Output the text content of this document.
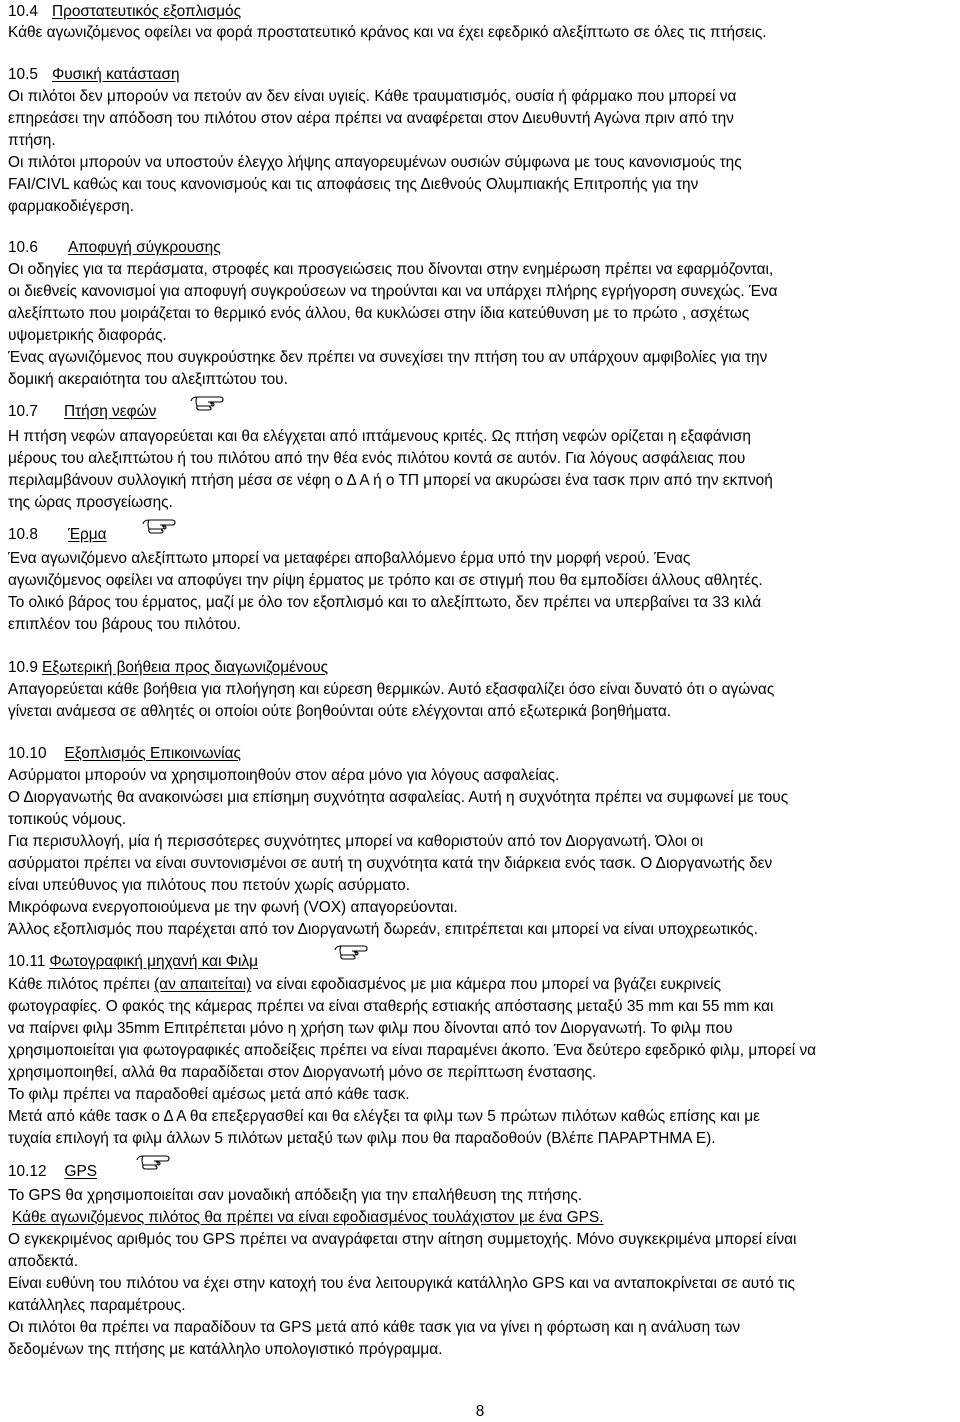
10.4 Προστατευτικός εξοπλισμός
Κάθε αγωνιζόμενος οφείλει να φορά προστατευτικό κράνος και να έχει εφεδρικό αλεξίπτωτο σε όλες τις πτήσεις.
10.5 Φυσική κατάσταση
Οι πιλότοι δεν μπορούν να πετούν αν δεν είναι υγιείς. Κάθε τραυματισμός, ουσία ή φάρμακο που μπορεί να
επηρεάσει την απόδοση του πιλότου στον αέρα πρέπει να αναφέρεται στον Διευθυντή Αγώνα πριν από την
πτήση.
Οι πιλότοι μπορούν να υποστούν έλεγχο λήψης απαγορευμένων ουσιών σύμφωνα με τους κανονισμούς της
FAI/CIVL καθώς και τους κανονισμούς και τις αποφάσεις της Διεθνούς Ολυμπιακής Επιτροπής για την
φαρμακοδιέγερση.
10.6 Αποφυγή σύγκρουσης
Οι οδηγίες για τα περάσματα, στροφές και προσγειώσεις που δίνονται στην ενημέρωση πρέπει να εφαρμόζονται,
οι διεθνείς κανονισμοί για αποφυγή συγκρούσεων να τηρούνται και να υπάρχει πλήρης εγρήγορση συνεχώς. Ένα
αλεξίπτωτο που μοιράζεται το θερμικό ενός άλλου, θα κυκλώσει στην ίδια κατεύθυνση με το πρώτο , ασχέτως
υψομετρικής διαφοράς.
Ένας αγωνιζόμενος που συγκρούστηκε δεν πρέπει να συνεχίσει την πτήση του αν υπάρχουν αμφιβολίες για την
δομική ακεραιότητα του αλεξιπτώτου του.
10.7 Πτήση νεφών
Η πτήση νεφών απαγορεύεται και θα ελέγχεται από ιπτάμενους κριτές. Ως πτήση νεφών ορίζεται η εξαφάνιση
μέρους του αλεξιπτώτου ή του πιλότου από την θέα ενός πιλότου κοντά σε αυτόν. Για λόγους ασφάλειας που
περιλαμβάνουν συλλογική πτήση μέσα σε νέφη ο Δ Α ή ο ΤΠ μπορεί να ακυρώσει ένα τασκ πριν από την εκπνοή
της ώρας προσγείωσης.
10.8 Έρμα
Ένα αγωνιζόμενο αλεξίπτωτο μπορεί να μεταφέρει αποβαλλόμενο έρμα υπό την μορφή νερού. Ένας
αγωνιζόμενος οφείλει να αποφύγει την ρίψη έρματος με τρόπο και σε στιγμή που θα εμποδίσει άλλους αθλητές.
Το ολικό βάρος του έρματος, μαζί με όλο τον εξοπλισμό και το αλεξίπτωτο, δεν πρέπει να υπερβαίνει τα 33 κιλά
επιπλέον του βάρους του πιλότου.
10.9 Εξωτερική βοήθεια προς διαγωνιζομένους
Απαγορεύεται κάθε βοήθεια για πλοήγηση και εύρεση θερμικών. Αυτό εξασφαλίζει όσο είναι δυνατό ότι ο αγώνας
γίνεται ανάμεσα σε αθλητές οι οποίοι ούτε βοηθούνται ούτε ελέγχονται από εξωτερικά βοηθήματα.
10.10 Εξοπλισμός Επικοινωνίας
Ασύρματοι μπορούν να χρησιμοποιηθούν στον αέρα μόνο για λόγους ασφαλείας.
Ο Διοργανωτής θα ανακοινώσει μια επίσημη συχνότητα ασφαλείας. Αυτή η συχνότητα πρέπει να συμφωνεί με τους
τοπικούς νόμους.
Για περισυλλογή, μία ή περισσότερες συχνότητες μπορεί να καθοριστούν από τον Διοργανωτή. Όλοι οι
ασύρματοι πρέπει να είναι συντονισμένοι σε αυτή τη συχνότητα κατά την διάρκεια ενός τασκ. Ο Διοργανωτής δεν
είναι υπεύθυνος για πιλότους που πετούν χωρίς ασύρματο.
Μικρόφωνα ενεργοποιούμενα με την φωνή (VOX) απαγορεύονται.
Άλλος εξοπλισμός που παρέχεται από τον Διοργανωτή δωρεάν, επιτρέπεται και μπορεί να είναι υποχρεωτικός.
10.11 Φωτογραφική μηχανή και Φιλμ
Κάθε πιλότος πρέπει (αν απαιτείται) να είναι εφοδιασμένος με μια κάμερα που μπορεί να βγάζει ευκρινείς
φωτογραφίες. Ο φακός της κάμερας πρέπει να είναι σταθερής εστιακής απόστασης μεταξύ 35 mm και 55 mm και
να παίρνει φιλμ 35mm Επιτρέπεται μόνο η χρήση των φιλμ που δίνονται από τον Διοργανωτή. Το φιλμ που
χρησιμοποιείται για φωτογραφικές αποδείξεις πρέπει να είναι παραμένει άκοπο. Ένα δεύτερο εφεδρικό φιλμ, μπορεί να
χρησιμοποιηθεί, αλλά θα παραδίδεται στον Διοργανωτή μόνο σε περίπτωση ένστασης.
Το φιλμ πρέπει να παραδοθεί αμέσως μετά από κάθε τασκ.
Μετά από κάθε τασκ ο Δ Α θα επεξεργασθεί και θα ελέγξει τα φιλμ των 5 πρώτων πιλότων καθώς επίσης και με
τυχαία επιλογή τα φιλμ άλλων 5 πιλότων μεταξύ των φιλμ που θα παραδοθούν (Βλέπε ΠΑΡΑΡΤΗΜΑ Ε).
10.12 GPS
Το GPS θα χρησιμοποιείται σαν μοναδική απόδειξη για την επαλήθευση της πτήσης.
Κάθε αγωνιζόμενος πιλότος θα πρέπει να είναι εφοδιασμένος τουλάχιστον με ένα GPS.
Ο εγκεκριμένος αριθμός του GPS πρέπει να αναγράφεται στην αίτηση συμμετοχής. Μόνο συγκεκριμένα μπορεί είναι
αποδεκτά.
Είναι ευθύνη του πιλότου να έχει στην κατοχή του ένα λειτουργικά κατάλληλο GPS και να ανταποκρίνεται σε αυτό τις
κατάλληλες παραμέτρους.
Οι πιλότοι θα πρέπει να παραδίδουν τα GPS μετά από κάθε τασκ για να γίνει η φόρτωση και η ανάλυση των
δεδομένων της πτήσης με κατάλληλο υπολογιστικό πρόγραμμα.
8
